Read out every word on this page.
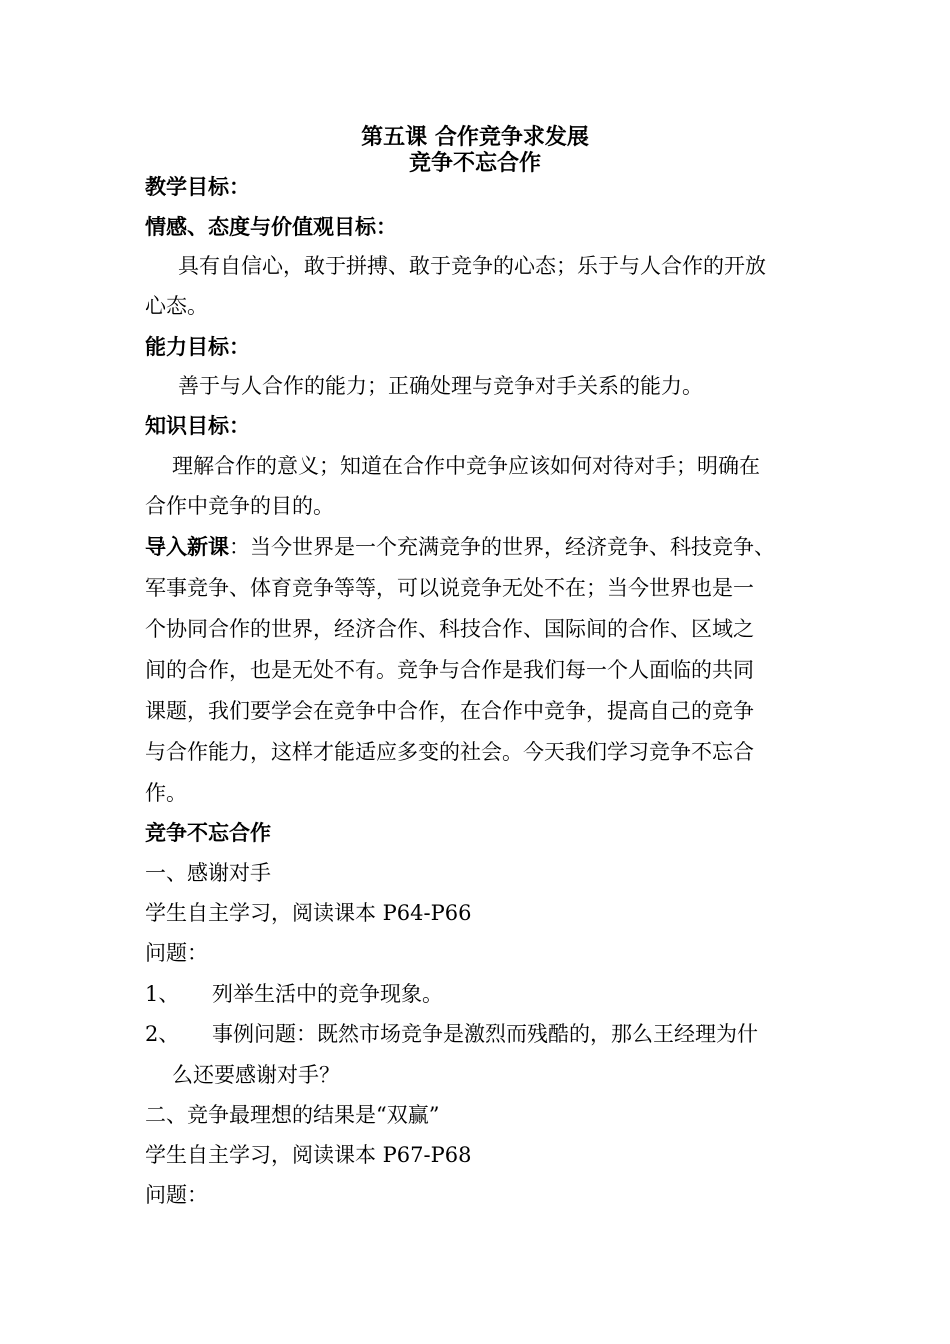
第五课 合作竞争求发展
竞争不忘合作
教学目标：
情感、态度与价值观目标：
具有自信心，敢于拼搏、敢于竞争的心态；乐于与人合作的开放
心态。
能力目标：
善于与人合作的能力；正确处理与竞争对手关系的能力。
知识目标：
理解合作的意义；知道在合作中竞争应该如何对待对手；明确在
合作中竞争的目的。
导入新课：当今世界是一个充满竞争的世界，经济竞争、科技竞争、
军事竞争、体育竞争等等，可以说竞争无处不在；当今世界也是一
个协同合作的世界，经济合作、科技合作、国际间的合作、区域之
间的合作，也是无处不有。竞争与合作是我们每一个人面临的共同
课题，我们要学会在竞争中合作，在合作中竞争，提高自己的竞争
与合作能力，这样才能适应多变的社会。今天我们学习竞争不忘合
作。
竞争不忘合作
一、感谢对手
学生自主学习，阅读课本 P64-P66
问题：
1、 列举生活中的竞争现象。
2、 事例问题：既然市场竞争是激烈而残酷的，那么王经理为什
么还要感谢对手？
二、竞争最理想的结果是“双赢”
学生自主学习，阅读课本 P67-P68
问题：
